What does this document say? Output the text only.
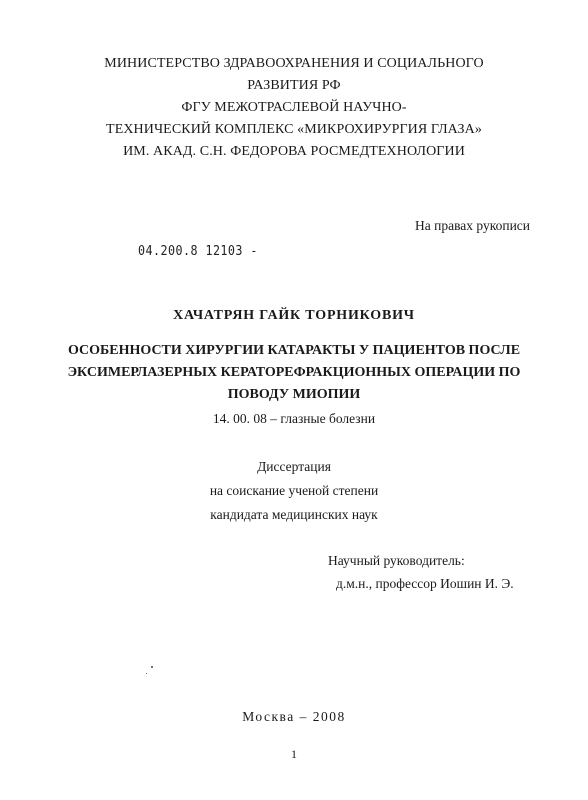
МИНИСТЕРСТВО ЗДРАВООХРАНЕНИЯ И СОЦИАЛЬНОГО
РАЗВИТИЯ РФ
ФГУ МЕЖОТРАСЛЕВОЙ НАУЧНО-
ТЕХНИЧЕСКИЙ КОМПЛЕКС «МИКРОХИРУРГИЯ ГЛАЗА»
ИМ. АКАД. С.Н. ФЕДОРОВА РОСМЕДТЕХНОЛОГИИ
На правах рукописи
04.200.8 12103 -
ХАЧАТРЯН ГАЙК ТОРНИКОВИЧ
ОСОБЕННОСТИ ХИРУРГИИ КАТАРАКТЫ У ПАЦИЕНТОВ ПОСЛЕ
ЭКСИМЕРЛАЗЕРНЫХ КЕРАТОРЕФРАКЦИОННЫХ ОПЕРАЦИИ ПО
ПОВОДУ МИОПИИ
14. 00. 08 – глазные болезни
Диссертация
на соискание ученой степени
кандидата медицинских наук
Научный руководитель:
д.м.н., профессор Иошин И. Э.
Москва – 2008
1
